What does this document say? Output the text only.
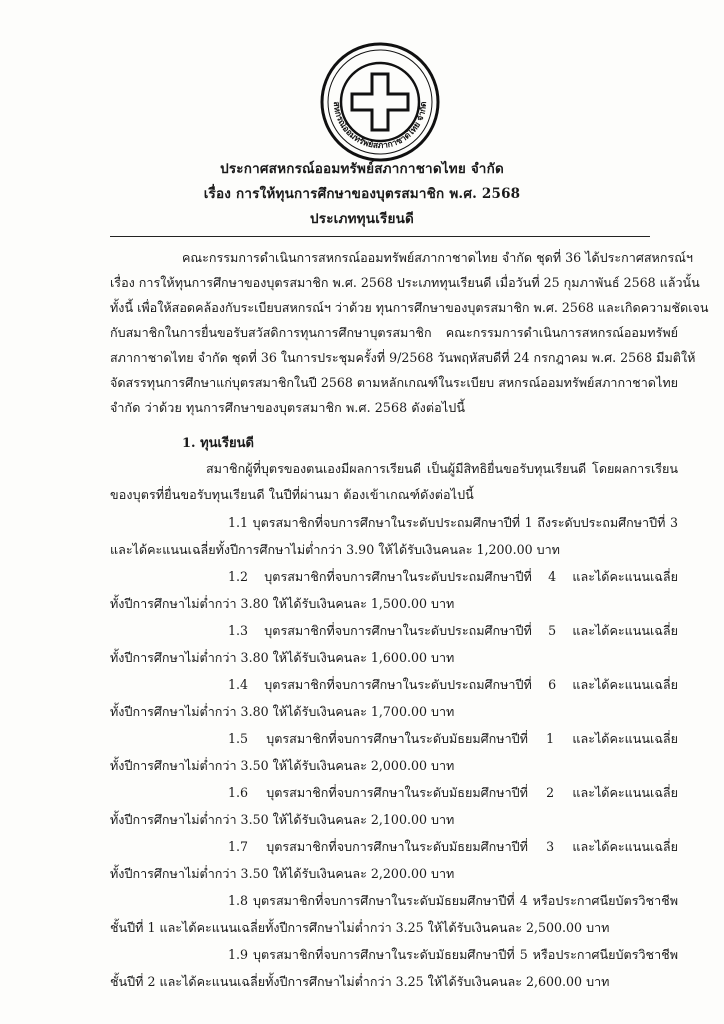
สหกรณ์ออมทรัพย์สภากาชาดไทย จำกัด
ประกาศสหกรณ์ออมทรัพย์สภากาชาดไทย จำกัด
เรื่อง การให้ทุนการศึกษาของบุตรสมาชิก พ.ศ. 2568
ประเภททุนเรียนดี
คณะกรรมการดำเนินการสหกรณ์ออมทรัพย์สภากาชาดไทย จำกัด ชุดที่ 36 ได้ประกาศสหกรณ์ฯ
เรื่อง การให้ทุนการศึกษาของบุตรสมาชิก พ.ศ. 2568 ประเภททุนเรียนดี เมื่อวันที่ 25 กุมภาพันธ์ 2568 แล้วนั้น
ทั้งนี้ เพื่อให้สอดคล้องกับระเบียบสหกรณ์ฯ ว่าด้วย ทุนการศึกษาของบุตรสมาชิก พ.ศ. 2568 และเกิดความชัดเจน
กับสมาชิกในการยื่นขอรับสวัสดิการทุนการศึกษาบุตรสมาชิก คณะกรรมการดำเนินการสหกรณ์ออมทรัพย์
สภากาชาดไทย จำกัด ชุดที่ 36 ในการประชุมครั้งที่ 9/2568 วันพฤหัสบดีที่ 24 กรกฎาคม พ.ศ. 2568 มีมติให้
จัดสรรทุนการศึกษาแก่บุตรสมาชิกในปี 2568 ตามหลักเกณฑ์ในระเบียบ สหกรณ์ออมทรัพย์สภากาชาดไทย
จำกัด ว่าด้วย ทุนการศึกษาของบุตรสมาชิก พ.ศ. 2568 ดังต่อไปนี้
1. ทุนเรียนดี
สมาชิกผู้ที่บุตรของตนเองมีผลการเรียนดี เป็นผู้มีสิทธิยื่นขอรับทุนเรียนดี โดยผลการเรียน
ของบุตรที่ยื่นขอรับทุนเรียนดี ในปีที่ผ่านมา ต้องเข้าเกณฑ์ดังต่อไปนี้
1.1 บุตรสมาชิกที่จบการศึกษาในระดับประถมศึกษาปีที่ 1 ถึงระดับประถมศึกษาปีที่ 3
และได้คะแนนเฉลี่ยทั้งปีการศึกษาไม่ต่ำกว่า 3.90 ให้ได้รับเงินคนละ 1,200.00 บาท
1.2 บุตรสมาชิกที่จบการศึกษาในระดับประถมศึกษาปีที่ 4 และได้คะแนนเฉลี่ย
ทั้งปีการศึกษาไม่ต่ำกว่า 3.80 ให้ได้รับเงินคนละ 1,500.00 บาท
1.3 บุตรสมาชิกที่จบการศึกษาในระดับประถมศึกษาปีที่ 5 และได้คะแนนเฉลี่ย
ทั้งปีการศึกษาไม่ต่ำกว่า 3.80 ให้ได้รับเงินคนละ 1,600.00 บาท
1.4 บุตรสมาชิกที่จบการศึกษาในระดับประถมศึกษาปีที่ 6 และได้คะแนนเฉลี่ย
ทั้งปีการศึกษาไม่ต่ำกว่า 3.80 ให้ได้รับเงินคนละ 1,700.00 บาท
1.5 บุตรสมาชิกที่จบการศึกษาในระดับมัธยมศึกษาปีที่ 1 และได้คะแนนเฉลี่ย
ทั้งปีการศึกษาไม่ต่ำกว่า 3.50 ให้ได้รับเงินคนละ 2,000.00 บาท
1.6 บุตรสมาชิกที่จบการศึกษาในระดับมัธยมศึกษาปีที่ 2 และได้คะแนนเฉลี่ย
ทั้งปีการศึกษาไม่ต่ำกว่า 3.50 ให้ได้รับเงินคนละ 2,100.00 บาท
1.7 บุตรสมาชิกที่จบการศึกษาในระดับมัธยมศึกษาปีที่ 3 และได้คะแนนเฉลี่ย
ทั้งปีการศึกษาไม่ต่ำกว่า 3.50 ให้ได้รับเงินคนละ 2,200.00 บาท
1.8 บุตรสมาชิกที่จบการศึกษาในระดับมัธยมศึกษาปีที่ 4 หรือประกาศนียบัตรวิชาชีพ
ชั้นปีที่ 1 และได้คะแนนเฉลี่ยทั้งปีการศึกษาไม่ต่ำกว่า 3.25 ให้ได้รับเงินคนละ 2,500.00 บาท
1.9 บุตรสมาชิกที่จบการศึกษาในระดับมัธยมศึกษาปีที่ 5 หรือประกาศนียบัตรวิชาชีพ
ชั้นปีที่ 2 และได้คะแนนเฉลี่ยทั้งปีการศึกษาไม่ต่ำกว่า 3.25 ให้ได้รับเงินคนละ 2,600.00 บาท
